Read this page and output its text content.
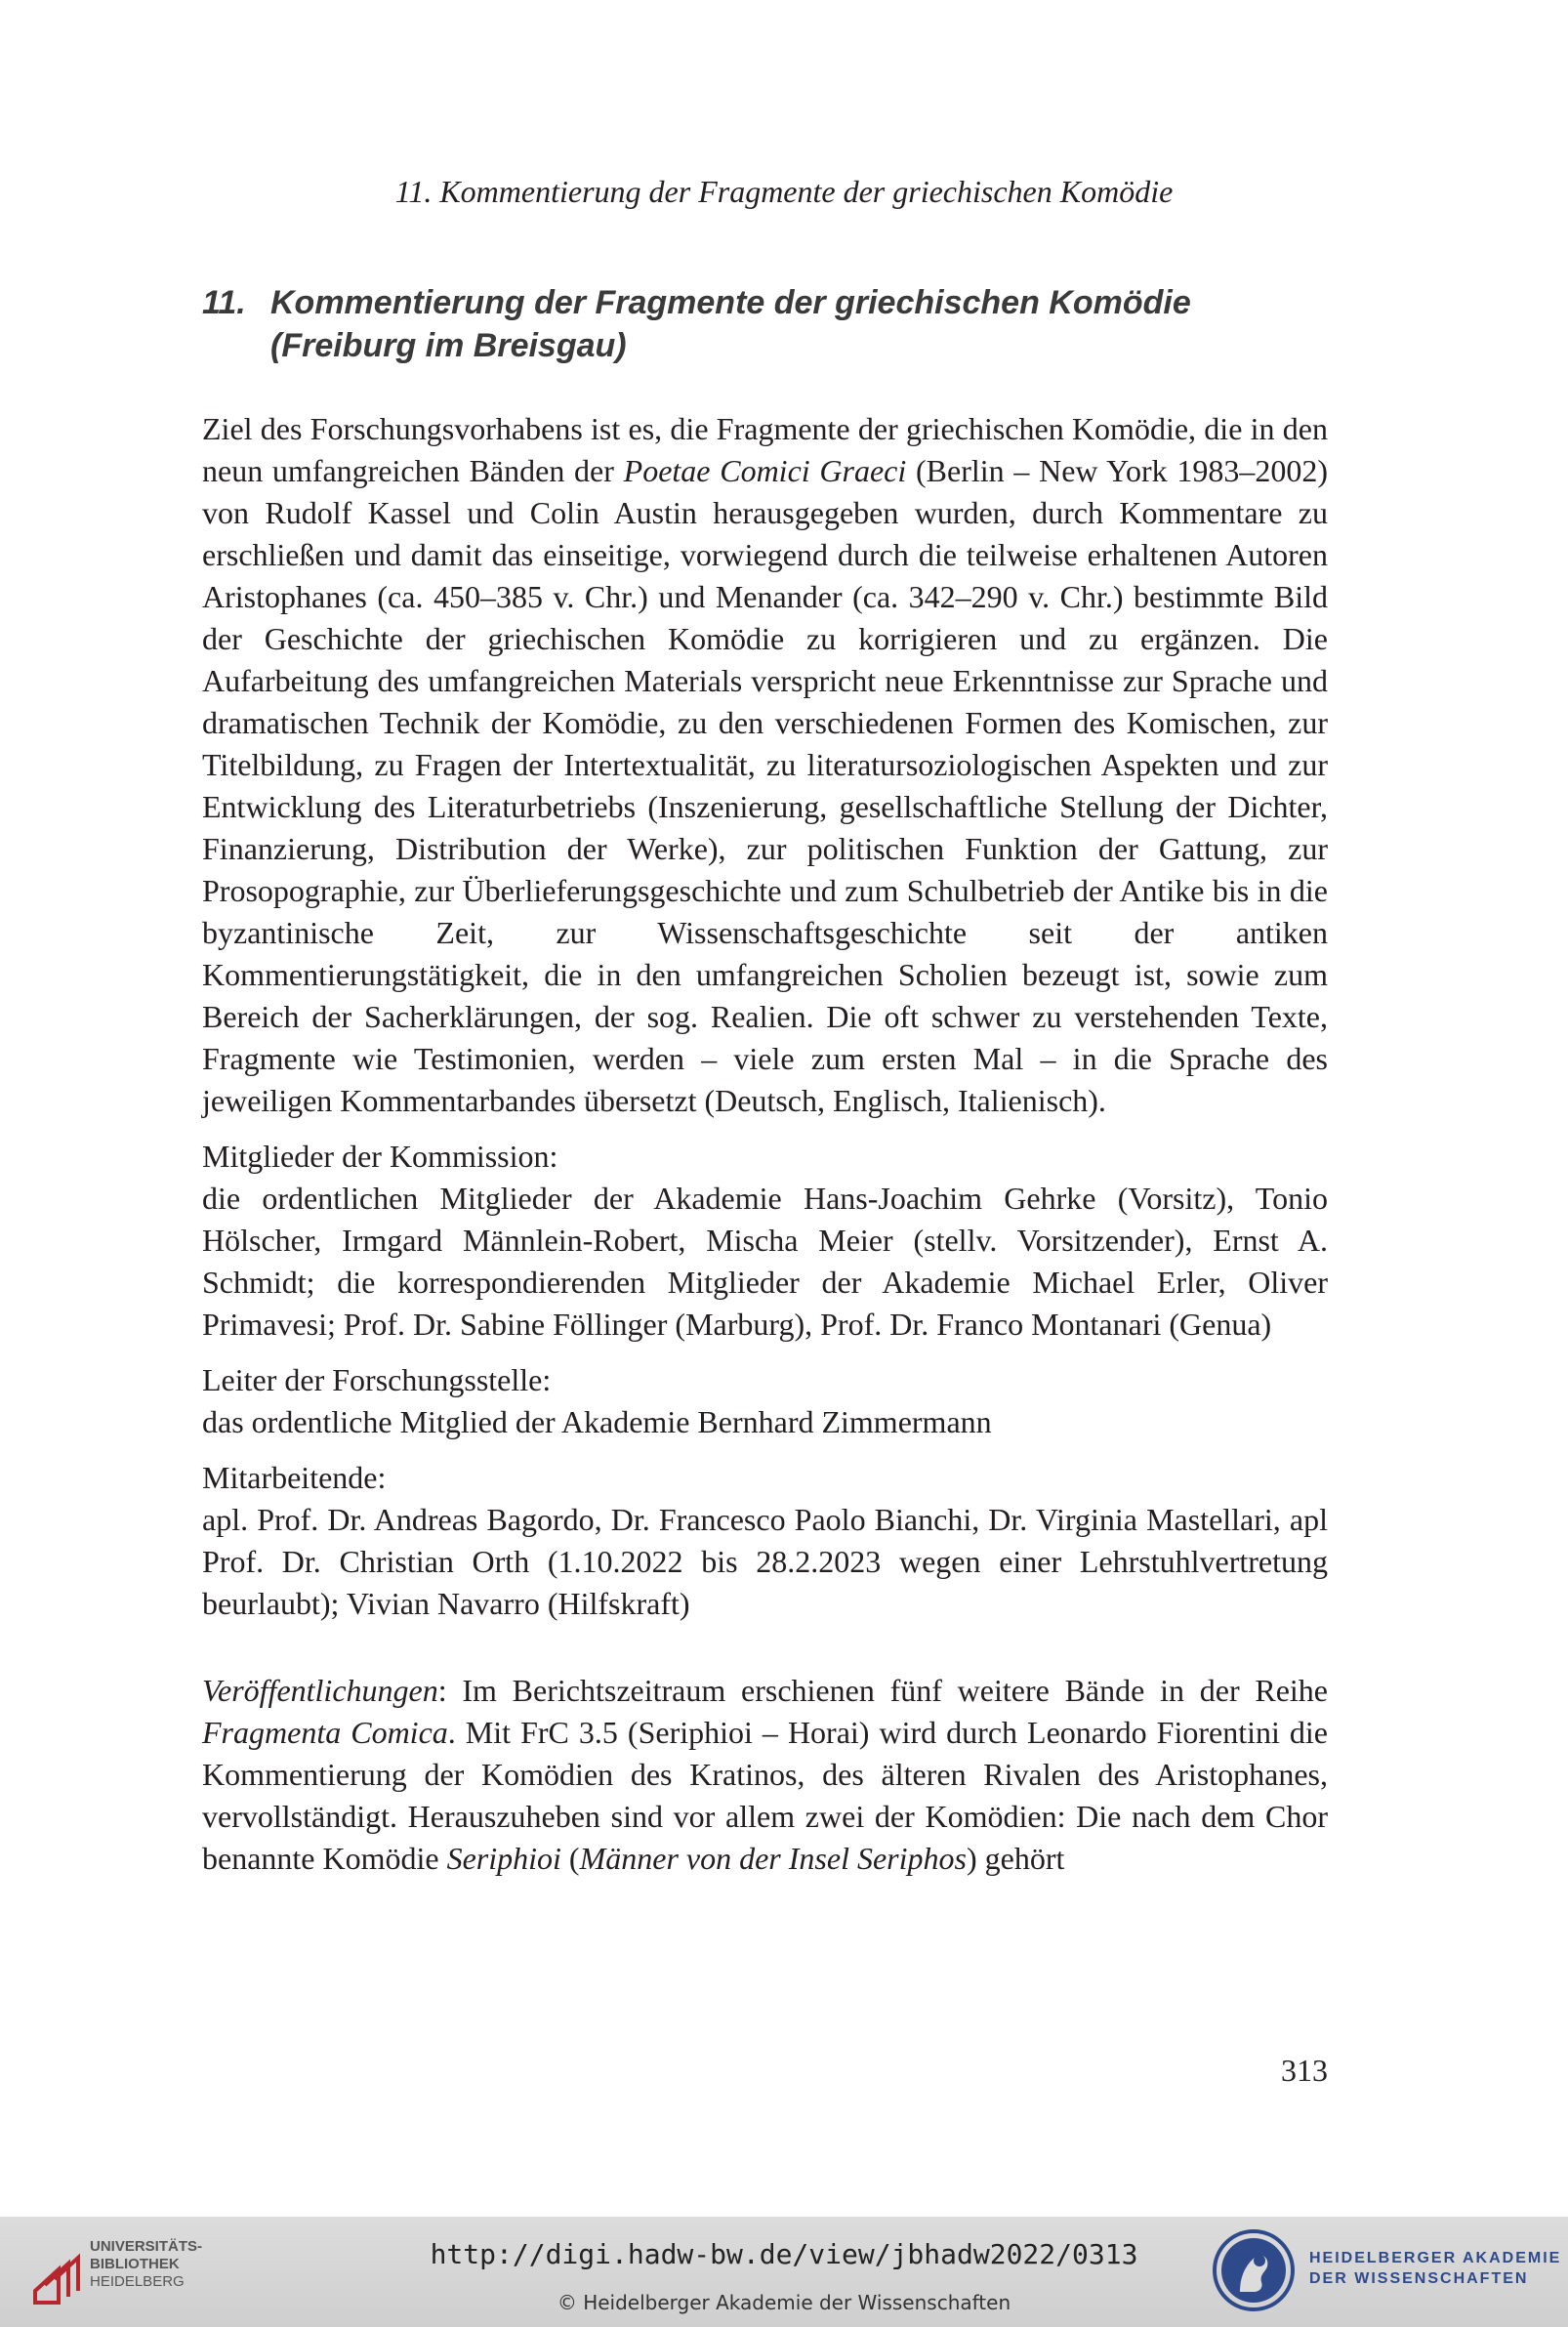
11. Kommentierung der Fragmente der griechischen Komödie
11. Kommentierung der Fragmente der griechischen Komödie
(Freiburg im Breisgau)

Ziel des Forschungsvorhabens ist es, die Fragmente der griechischen Komödie, die in den neun umfangreichen Bänden der Poetae Comici Graeci (Berlin – New York 1983–2002) von Rudolf Kassel und Colin Austin herausgegeben wurden, durch Kommentare zu erschließen und damit das einseitige, vorwiegend durch die teilweise erhaltenen Autoren Aristophanes (ca. 450–385 v. Chr.) und Menander (ca. 342–290 v. Chr.) bestimmte Bild der Geschichte der griechischen Komödie zu korrigieren und zu ergänzen. Die Aufarbeitung des umfangreichen Materials verspricht neue Erkenntnisse zur Sprache und dramatischen Technik der Komödie, zu den verschiedenen Formen des Komischen, zur Titelbildung, zu Fragen der Intertextualität, zu literatursoziologischen Aspekten und zur Entwicklung des Literaturbetriebs (Inszenierung, gesellschaftliche Stellung der Dichter, Finanzierung, Distribution der Werke), zur politischen Funktion der Gattung, zur Prosopographie, zur Überlieferungsgeschichte und zum Schulbetrieb der Antike bis in die byzantinische Zeit, zur Wissenschaftsgeschichte seit der antiken Kommentierungstätigkeit, die in den umfangreichen Scholien bezeugt ist, sowie zum Bereich der Sacherklärungen, der sog. Realien. Die oft schwer zu verstehenden Texte, Fragmente wie Testimonien, werden – viele zum ersten Mal – in die Sprache des jeweiligen Kommentarbandes übersetzt (Deutsch, Englisch, Italienisch).

Mitglieder der Kommission:

die ordentlichen Mitglieder der Akademie Hans-Joachim Gehrke (Vorsitz), Tonio Hölscher, Irmgard Männlein-Robert, Mischa Meier (stellv. Vorsitzender), Ernst A. Schmidt; die korrespondierenden Mitglieder der Akademie Michael Erler, Oliver Primavesi; Prof. Dr. Sabine Föllinger (Marburg), Prof. Dr. Franco Montanari (Genua)

Leiter der Forschungsstelle:

das ordentliche Mitglied der Akademie Bernhard Zimmermann

Mitarbeitende:

apl. Prof. Dr. Andreas Bagordo, Dr. Francesco Paolo Bianchi, Dr. Virginia Mastellari, apl Prof. Dr. Christian Orth (1.10.2022 bis 28.2.2023 wegen einer Lehrstuhlvertretung beurlaubt); Vivian Navarro (Hilfskraft)

Veröffentlichungen: Im Berichtszeitraum erschienen fünf weitere Bände in der Reihe Fragmenta Comica. Mit FrC 3.5 (Seriphioi – Horai) wird durch Leonardo Fiorentini die Kommentierung der Komödien des Kratinos, des älteren Rivalen des Aristophanes, vervollständigt. Herauszuheben sind vor allem zwei der Komödien: Die nach dem Chor benannte Komödie Seriphioi (Männer von der Insel Seriphos) gehört

313
UNIVERSITÄTS-
BIBLIOTHEK
HEIDELBERG
http://digi.hadw-bw.de/view/jbhadw2022/0313
© Heidelberger Akademie der Wissenschaften
HEIDELBERGER AKADEMIE
DER WISSENSCHAFTEN
